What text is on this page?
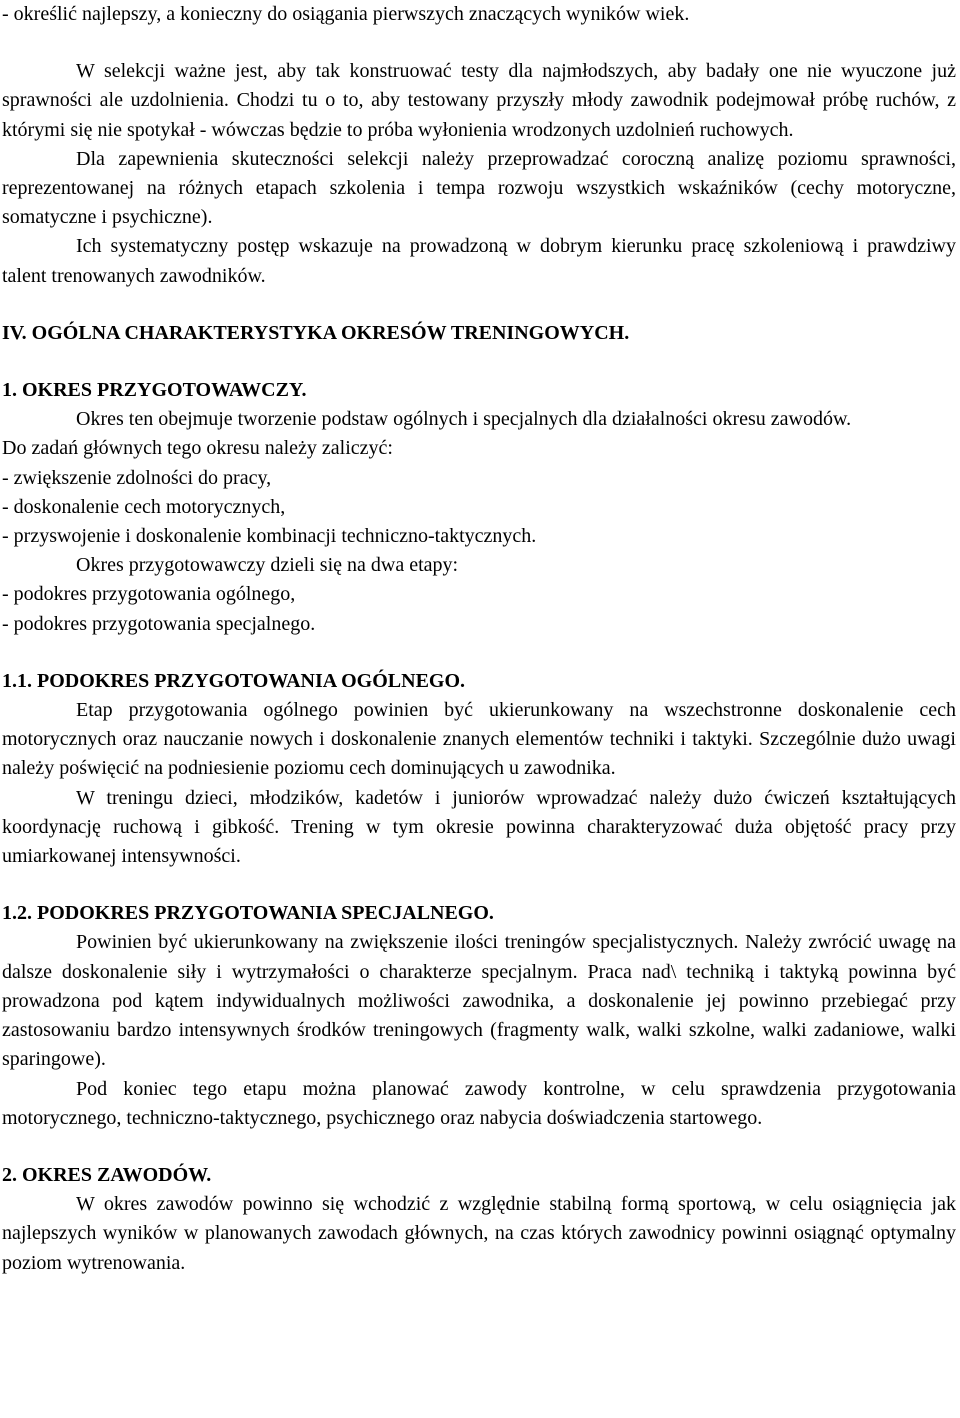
- określić najlepszy, a konieczny do osiągania pierwszych znaczących wyników wiek.

W selekcji ważne jest, aby tak konstruować testy dla najmłodszych, aby badały one nie wyuczone już sprawności ale uzdolnienia. Chodzi tu o to, aby testowany przyszły młody zawodnik podejmował próbę ruchów, z którymi się nie spotykał - wówczas będzie to próba wyłonienia wrodzonych uzdolnień ruchowych.

Dla zapewnienia skuteczności selekcji należy przeprowadzać coroczną analizę poziomu sprawności, reprezentowanej na różnych etapach szkolenia i tempa rozwoju wszystkich wskaźników (cechy motoryczne, somatyczne i psychiczne).

Ich systematyczny postęp wskazuje na prowadzoną w dobrym kierunku pracę szkoleniową i prawdziwy talent trenowanych zawodników.

IV. OGÓLNA CHARAKTERYSTYKA OKRESÓW TRENINGOWYCH.

1. OKRES PRZYGOTOWAWCZY.

Okres ten obejmuje tworzenie podstaw ogólnych i specjalnych dla działalności okresu zawodów.

Do zadań głównych tego okresu należy zaliczyć:

- zwiększenie zdolności do pracy,

- doskonalenie cech motorycznych,

- przyswojenie i doskonalenie kombinacji techniczno-taktycznych.

Okres przygotowawczy dzieli się na dwa etapy:

- podokres przygotowania ogólnego,

- podokres przygotowania specjalnego.

1.1. PODOKRES PRZYGOTOWANIA OGÓLNEGO.

Etap przygotowania ogólnego powinien być ukierunkowany na wszechstronne doskonalenie cech motorycznych oraz nauczanie nowych i doskonalenie znanych elementów techniki i taktyki. Szczególnie dużo uwagi należy poświęcić na podniesienie poziomu cech dominujących u zawodnika.

W treningu dzieci, młodzików, kadetów i juniorów wprowadzać należy dużo ćwiczeń kształtujących koordynację ruchową i gibkość. Trening w tym okresie powinna charakteryzować duża objętość pracy przy umiarkowanej intensywności.

1.2. PODOKRES PRZYGOTOWANIA SPECJALNEGO.

Powinien być ukierunkowany na zwiększenie ilości treningów specjalistycznych. Należy zwrócić uwagę na dalsze doskonalenie siły i wytrzymałości o charakterze specjalnym. Praca nad\ techniką i taktyką powinna być prowadzona pod kątem indywidualnych możliwości zawodnika, a doskonalenie jej powinno przebiegać przy zastosowaniu bardzo intensywnych środków treningowych (fragmenty walk, walki szkolne, walki zadaniowe, walki sparingowe).

Pod koniec tego etapu można planować zawody kontrolne, w celu sprawdzenia przygotowania motorycznego, techniczno-taktycznego, psychicznego oraz nabycia doświadczenia startowego.

2. OKRES ZAWODÓW.

W okres zawodów powinno się wchodzić z względnie stabilną formą sportową, w celu osiągnięcia jak najlepszych wyników w planowanych zawodach głównych, na czas których zawodnicy powinni osiągnąć optymalny poziom wytrenowania.
